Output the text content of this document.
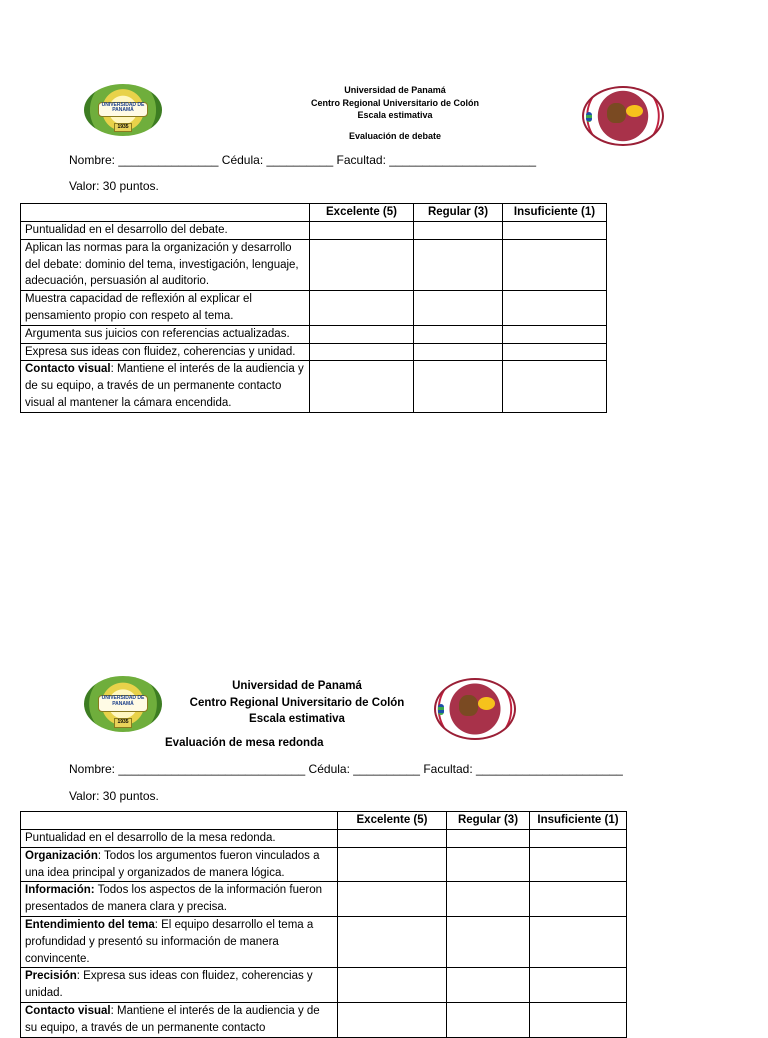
UNIVERSIDAD DE PANAMÁ
1935
Universidad de Panamá
Centro Regional Universitario de Colón
Escala estimativa
Evaluación de debate
Nombre: _______________ Cédula: __________ Facultad: ______________________
Valor: 30 puntos.
	Excelente (5)	Regular (3)	Insuficiente (1)
Puntualidad en el desarrollo del debate.			
Aplican las normas para la organización y desarrollo del debate: dominio del tema, investigación, lenguaje, adecuación, persuasión al auditorio.			
Muestra capacidad de reflexión al explicar el pensamiento propio con respeto al tema.			
Argumenta sus juicios con referencias actualizadas.			
Expresa sus ideas con fluidez, coherencias y unidad.			
Contacto visual: Mantiene el interés de la audiencia y de su equipo, a través de un permanente contacto visual al mantener la cámara encendida.			
UNIVERSIDAD DE PANAMÁ
1935
Universidad de Panamá
Centro Regional Universitario de Colón
Escala estimativa
Evaluación de mesa redonda
Nombre: ____________________________ Cédula: __________ Facultad: ______________________
Valor: 30 puntos.
	Excelente (5)	Regular (3)	Insuficiente (1)
Puntualidad en el desarrollo de la mesa redonda.			
Organización: Todos los argumentos fueron vinculados a una idea principal y organizados de manera lógica.			
Información: Todos los aspectos de la información fueron presentados de manera clara y precisa.			
Entendimiento del tema: El equipo desarrollo el tema a profundidad y presentó su información de manera convincente.			
Precisión: Expresa sus ideas con fluidez, coherencias y unidad.			
Contacto visual: Mantiene el interés de la audiencia y de su equipo, a través de un permanente contacto			
